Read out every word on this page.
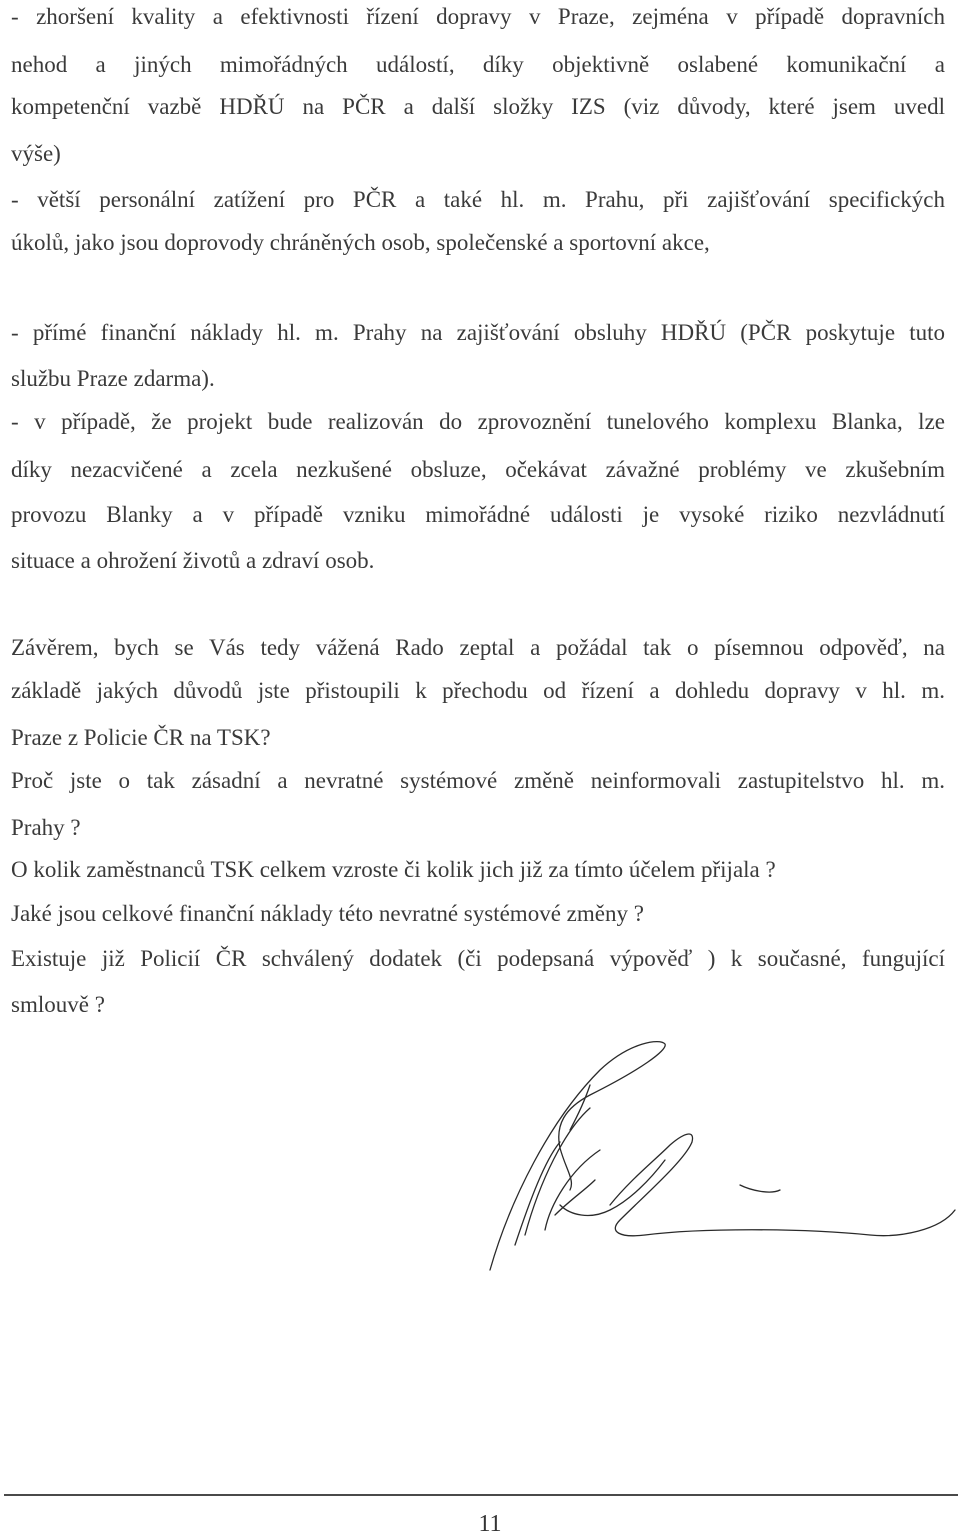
- zhoršení kvality a efektivnosti řízení dopravy v Praze, zejména v případě dopravních
nehod a jiných mimořádných událostí, díky objektivně oslabené komunikační a
kompetenční vazbě HDŘÚ na PČR a další složky IZS (viz důvody, které jsem uvedl
výše)
- větší personální zatížení pro PČR a také hl. m. Prahu, při zajišťování specifických
úkolů, jako jsou doprovody chráněných osob, společenské a sportovní akce,
- přímé finanční náklady hl. m. Prahy na zajišťování obsluhy HDŘÚ (PČR poskytuje tuto
službu Praze zdarma).
- v případě, že projekt bude realizován do zprovoznění tunelového komplexu Blanka, lze
díky nezacvičené a zcela nezkušené obsluze, očekávat závažné problémy ve zkušebním
provozu Blanky a v případě vzniku mimořádné události je vysoké riziko nezvládnutí
situace a ohrožení životů a zdraví osob.
Závěrem, bych se Vás tedy vážená Rado zeptal a požádal tak o písemnou odpověď, na
základě jakých důvodů jste přistoupili k přechodu od řízení a dohledu dopravy v hl. m.
Praze z Policie ČR na TSK?
Proč jste o tak zásadní a nevratné systémové změně neinformovali zastupitelstvo hl. m.
Prahy ?
O kolik zaměstnanců TSK celkem vzroste či kolik jich již za tímto účelem přijala ?
Jaké jsou celkové finanční náklady této nevratné systémové změny ?
Existuje již Policií ČR schválený dodatek (či podepsaná výpověď ) k současné, fungující
smlouvě ?
11
